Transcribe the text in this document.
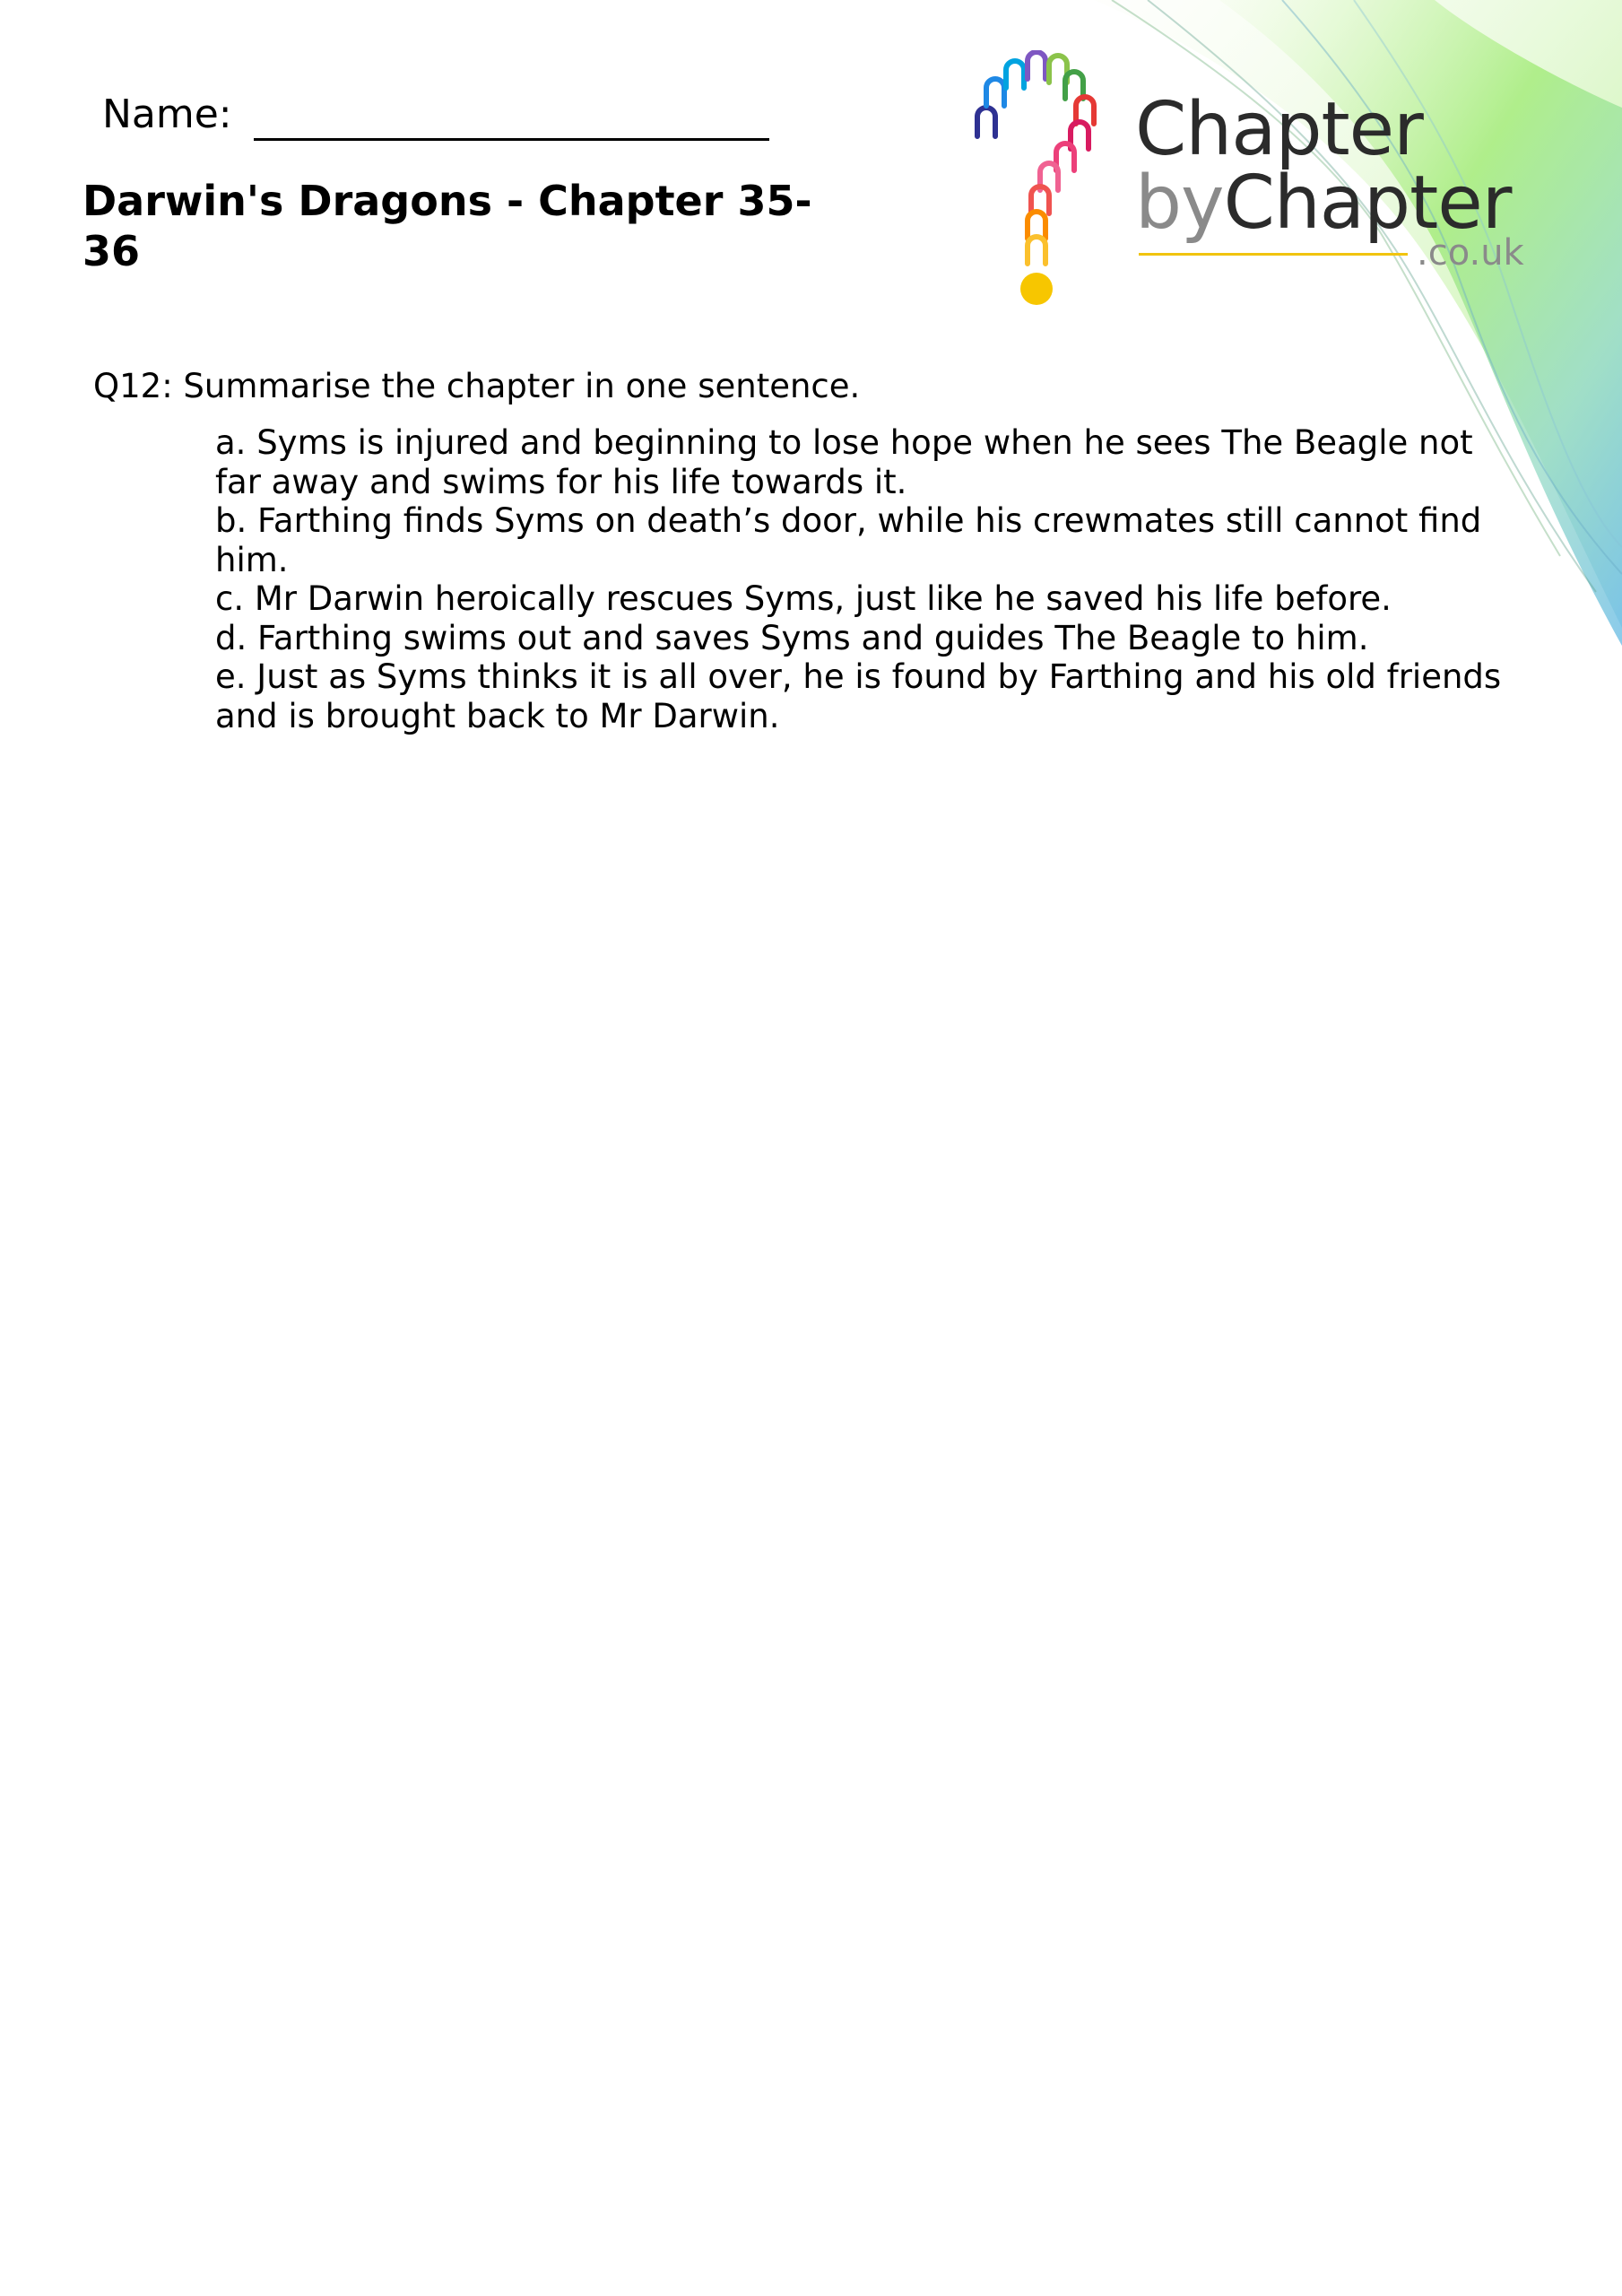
Name:
Darwin's Dragons - Chapter 35-36
Chapter
byChapter
.co.uk
Q12: Summarise the chapter in one sentence.
a. Syms is injured and beginning to lose hope when he sees The Beagle not far away and swims for his life towards it.
b. Farthing finds Syms on death’s door, while his crewmates still cannot find him.
c. Mr Darwin heroically rescues Syms, just like he saved his life before.
d. Farthing swims out and saves Syms and guides The Beagle to him.
e. Just as Syms thinks it is all over, he is found by Farthing and his old friends and is brought back to Mr Darwin.
